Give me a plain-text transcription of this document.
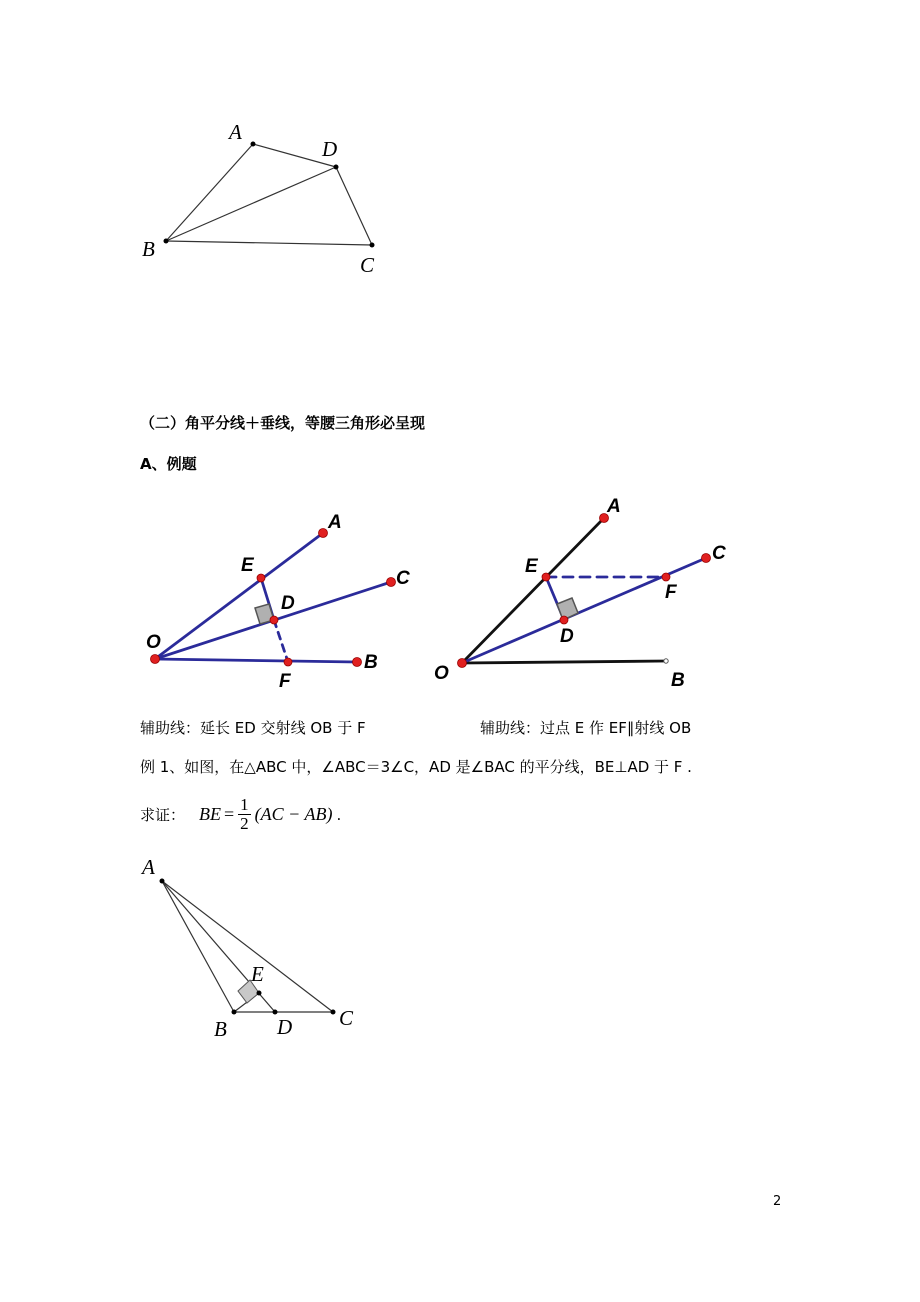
A
D
B
C
（二）角平分线＋垂线，等腰三角形必呈现
A、例题
A
C
E
D
O
B
F
A
C
E
F
D
O	B
辅助线：延长 ED 交射线 OB 于 F	辅助线：过点 E 作 EF∥射线 OB
例 1、如图，在△ABC 中，∠ABC＝3∠C，AD 是∠BAC 的平分线，BE⊥AD 于 F .
求证： BE = $\frac{1}{2} (AC - AB)$ .
A
E
B D C
2
